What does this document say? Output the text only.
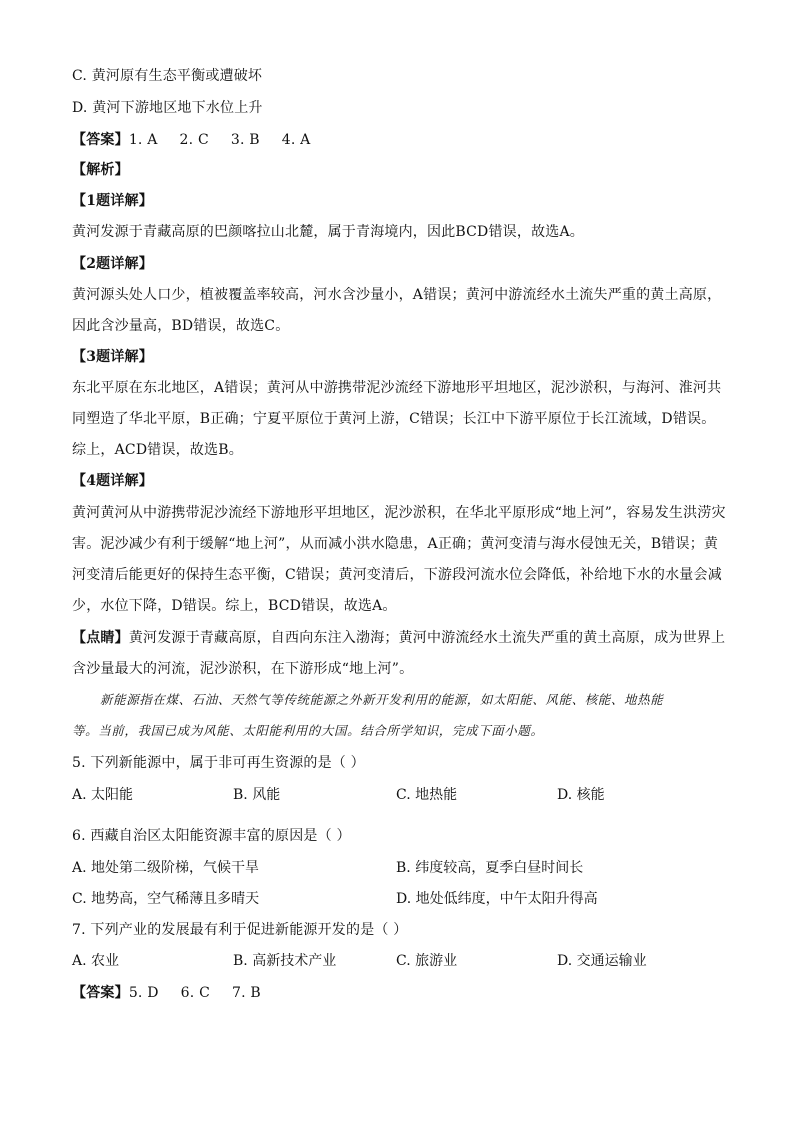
C. 黄河原有生态平衡或遭破坏
D. 黄河下游地区地下水位上升
【答案】1. A 2. C 3. B 4. A
【解析】
【1题详解】
黄河发源于青藏高原的巴颜喀拉山北麓，属于青海境内，因此BCD错误，故选A。
【2题详解】
黄河源头处人口少，植被覆盖率较高，河水含沙量小，A错误；黄河中游流经水土流失严重的黄土高原，
因此含沙量高，BD错误，故选C。
【3题详解】
东北平原在东北地区，A错误；黄河从中游携带泥沙流经下游地形平坦地区，泥沙淤积，与海河、淮河共
同塑造了华北平原，B正确；宁夏平原位于黄河上游，C错误；长江中下游平原位于长江流域，D错误。
综上，ACD错误，故选B。
【4题详解】
黄河黄河从中游携带泥沙流经下游地形平坦地区，泥沙淤积，在华北平原形成“地上河”，容易发生洪涝灾
害。泥沙减少有利于缓解“地上河”，从而减小洪水隐患，A正确；黄河变清与海水侵蚀无关，B错误；黄
河变清后能更好的保持生态平衡，C错误；黄河变清后，下游段河流水位会降低，补给地下水的水量会减
少，水位下降，D错误。综上，BCD错误，故选A。
【点睛】黄河发源于青藏高原，自西向东注入渤海；黄河中游流经水土流失严重的黄土高原，成为世界上
含沙量最大的河流，泥沙淤积，在下游形成“地上河”。
新能源指在煤、石油、天然气等传统能源之外新开发利用的能源，如太阳能、风能、核能、地热能
等。当前，我国已成为风能、太阳能利用的大国。结合所学知识，完成下面小题。
5. 下列新能源中，属于非可再生资源的是（ ）
A. 太阳能	B. 风能	C. 地热能	D. 核能
6. 西藏自治区太阳能资源丰富的原因是（ ）
A. 地处第二级阶梯，气候干旱	B. 纬度较高，夏季白昼时间长
C. 地势高，空气稀薄且多晴天	D. 地处低纬度，中午太阳升得高
7. 下列产业的发展最有利于促进新能源开发的是（ ）
A. 农业	B. 高新技术产业	C. 旅游业	D. 交通运输业
【答案】5. D 6. C 7. B
